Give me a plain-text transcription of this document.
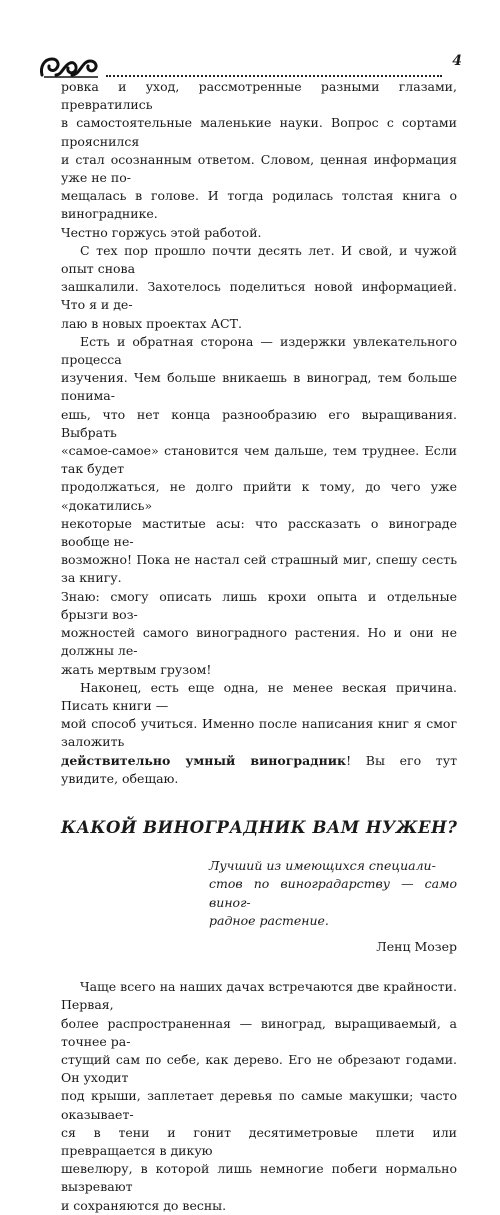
4

ровка и уход, рассмотренные разными глазами, превратились
в самостоятельные маленькие науки. Вопрос с сортами прояснился
и стал осознанным ответом. Словом, ценная информация уже не по-
мещалась в голове. И тогда родилась толстая книга о винограднике.
Честно горжусь этой работой.

С тех пор прошло почти десять лет. И свой, и чужой опыт снова
зашкалили. Захотелось поделиться новой информацией. Что я и де-
лаю в новых проектах АСТ.

Есть и обратная сторона — издержки увлекательного процесса
изучения. Чем больше вникаешь в виноград, тем больше понима-
ешь, что нет конца разнообразию его выращивания. Выбрать
«самое-самое» становится чем дальше, тем труднее. Если так будет
продолжаться, не долго прийти к тому, до чего уже «докатились»
некоторые маститые асы: что рассказать о винограде вообще не-
возможно! Пока не настал сей страшный миг, спешу сесть за книгу.
Знаю: смогу описать лишь крохи опыта и отдельные брызги воз-
можностей самого виноградного растения. Но и они не должны ле-
жать мертвым грузом!

Наконец, есть еще одна, не менее веская причина. Писать книги —
мой способ учиться. Именно после написания книг я смог заложить
действительно умный виноградник! Вы его тут увидите, обещаю.

КАКОЙ ВИНОГРАДНИК ВАМ НУЖЕН?
Лучший из имеющихся специали-
стов по виноградарству — само виног-
радное растение.
Ленц Мозер

Чаще всего на наших дачах встречаются две крайности. Первая,
более распространенная — виноград, выращиваемый, а точнее ра-
стущий сам по себе, как дерево. Его не обрезают годами. Он уходит
под крыши, заплетает деревья по самые макушки; часто оказывает-
ся в тени и гонит десятиметровые плети или превращается в дикую
шевелюру, в которой лишь немногие побеги нормально вызревают
и сохраняются до весны.
